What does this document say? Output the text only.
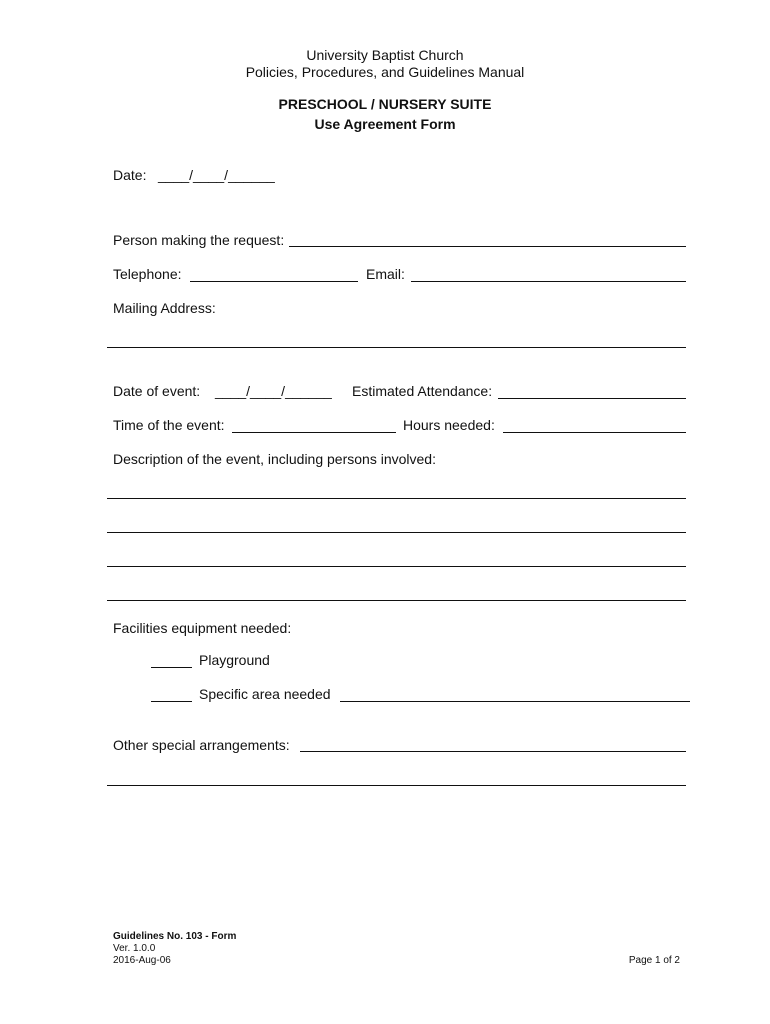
University Baptist Church
Policies, Procedures, and Guidelines Manual
PRESCHOOL / NURSERY SUITE
Use Agreement Form
Date: ____/____/______
Person making the request:
Telephone:	Email:
Mailing Address:
Date of event: ____/____/______ Estimated Attendance:
Time of the event:	Hours needed:
Description of the event, including persons involved:
Facilities equipment needed:
Playground
Specific area needed
Other special arrangements:
Guidelines No. 103 - Form
Ver. 1.0.0
2016-Aug-06	Page 1 of 2
